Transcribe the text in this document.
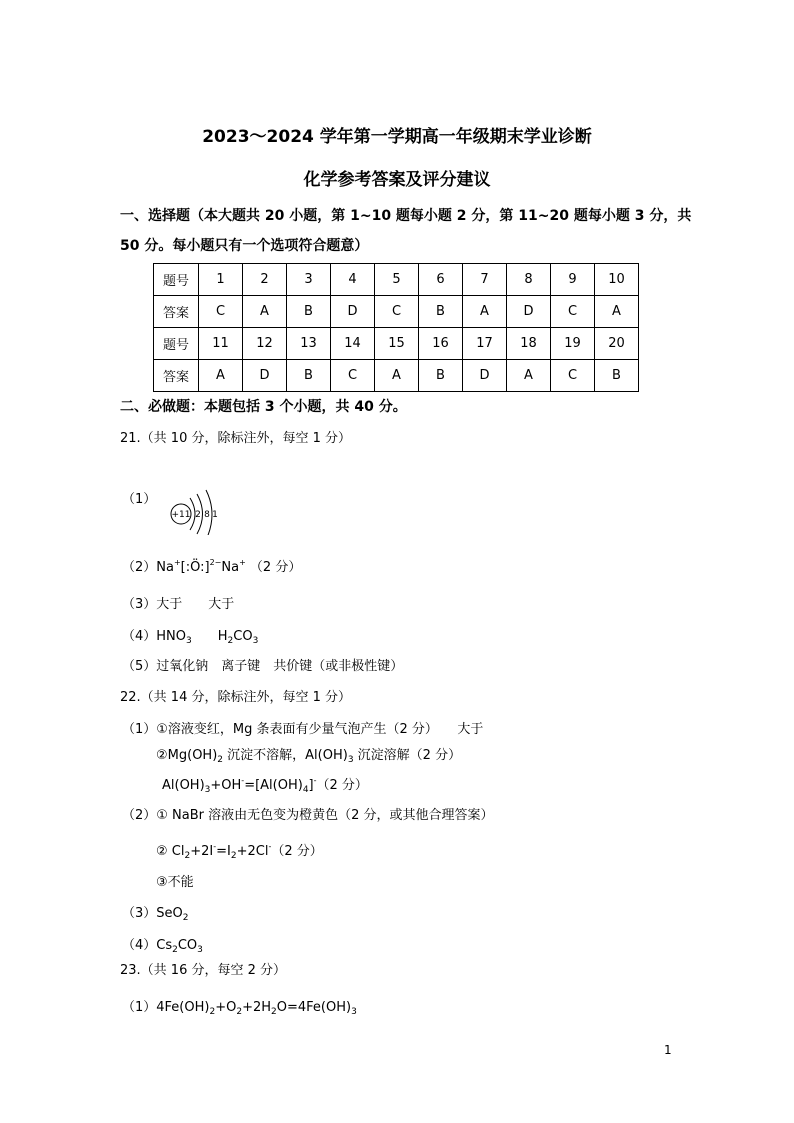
2023～2024 学年第一学期高一年级期末学业诊断
化学参考答案及评分建议
一、选择题（本大题共 20 小题，第 1~10 题每小题 2 分，第 11~20 题每小题 3 分，共
50 分。每小题只有一个选项符合题意）
题号	1	2	3	4	5	6	7	8	9	10
答案	C	A	B	D	C	B	A	D	C	A
题号	11	12	13	14	15	16	17	18	19	20
答案	A	D	B	C	A	B	D	A	C	B
二、必做题：本题包括 3 个小题，共 40 分。
（1）
+11 2 8 1
21.（共 10 分，除标注外，每空 1 分）
（2）Na+[:Ö:]$^{2-}$Na+ （2 分）
（3）大于　　大于
$(4)HNO_3$　　$H_2CO_3$
（5）过氧化钠　离子键　共价键（或非极性键）
22.（共 14 分，除标注外，每空 1 分）
（1）①溶液变红，Mg 条表面有少量气泡产生（2 分）　　大于
$②Mg(OH)_2$ 沉淀不溶解，$Al(OH)_3$ 沉淀溶解（2 分）
$Al(OH)_3+OH^-=[Al(OH)_4]^-(2$ 分）
（2）① NaBr 溶液由无色变为橙黄色（2 分，或其他合理答案）
② $Cl_2+2I^-=I_2+2Cl^-(2$ 分）
③不能
（3）SeO$_2$
$(4)Cs_2CO_3$
23.（共 16 分，每空 2 分）
$(1)4Fe(OH)_2+O_2+2H_2O=4Fe(OH)_3$
1
